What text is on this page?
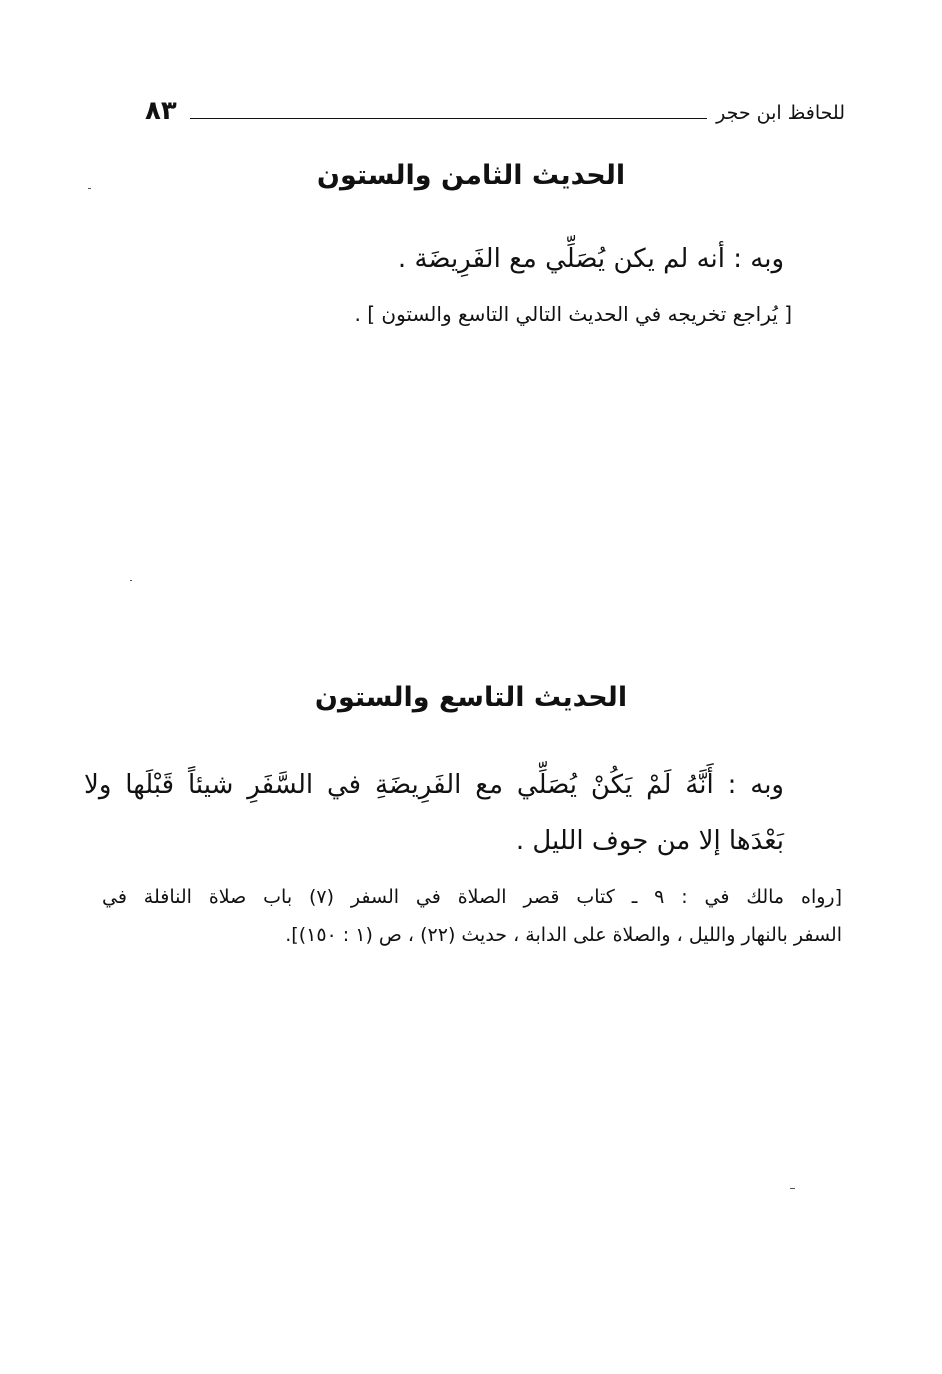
للحافظ ابن حجر
٨٣
الحديث الثامن والستون
وبه : أنه لم يكن يُصَلِّي مع الفَرِيضَة .
[ يُراجع تخريجه في الحديث التالي التاسع والستون ] .
الحديث التاسع والستون
وبه : أَنَّهُ لَمْ يَكُنْ يُصَلِّي مع الفَرِيضَةِ في السَّفَرِ شيئاً قَبْلَها ولا
بَعْدَها إلا من جوف الليل .
[رواه مالك في : ٩ ـ كتاب قصر الصلاة في السفر (٧) باب صلاة النافلة في
السفر بالنهار والليل ، والصلاة على الدابة ، حديث (٢٢) ، ص (١ : ١٥٠)].
